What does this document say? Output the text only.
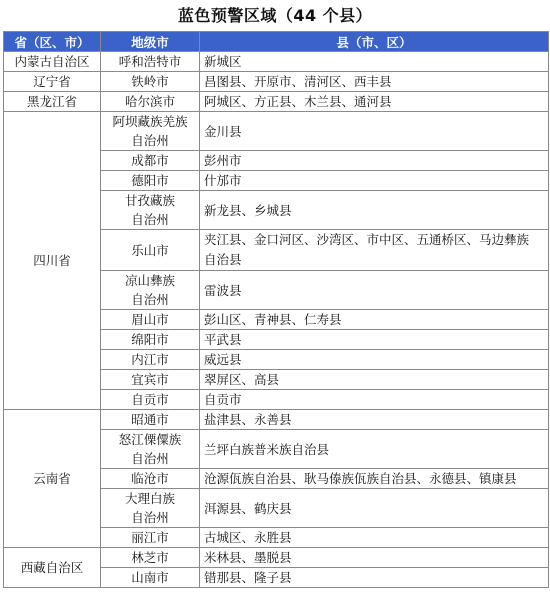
蓝色预警区域（44 个县）
省（区、市）	地级市	县（市、区）
内蒙古自治区	呼和浩特市	新城区

辽宁省	铁岭市	昌图县、开原市、清河区、西丰县

黑龙江省	哈尔滨市	阿城区、方正县、木兰县、通河县

四川省	阿坝藏族羌族
自治州	金川县

	成都市	彭州市

	德阳市	什邡市

	甘孜藏族
自治州	新龙县、乡城县

	乐山市	夹江县、金口河区、沙湾区、市中区、五通桥区、马边彝族
自治县

	凉山彝族
自治州	雷波县

	眉山市	彭山区、青神县、仁寿县

	绵阳市	平武县

	内江市	威远县

	宜宾市	翠屏区、高县

	自贡市	自贡市

云南省	昭通市	盐津县、永善县

	怒江傈僳族
自治州	兰坪白族普米族自治县

	临沧市	沧源佤族自治县、耿马傣族佤族自治县、永德县、镇康县

	大理白族
自治州	洱源县、鹤庆县

	丽江市	古城区、永胜县

西藏自治区	林芝市	米林县、墨脱县

	山南市	错那县、隆子县
